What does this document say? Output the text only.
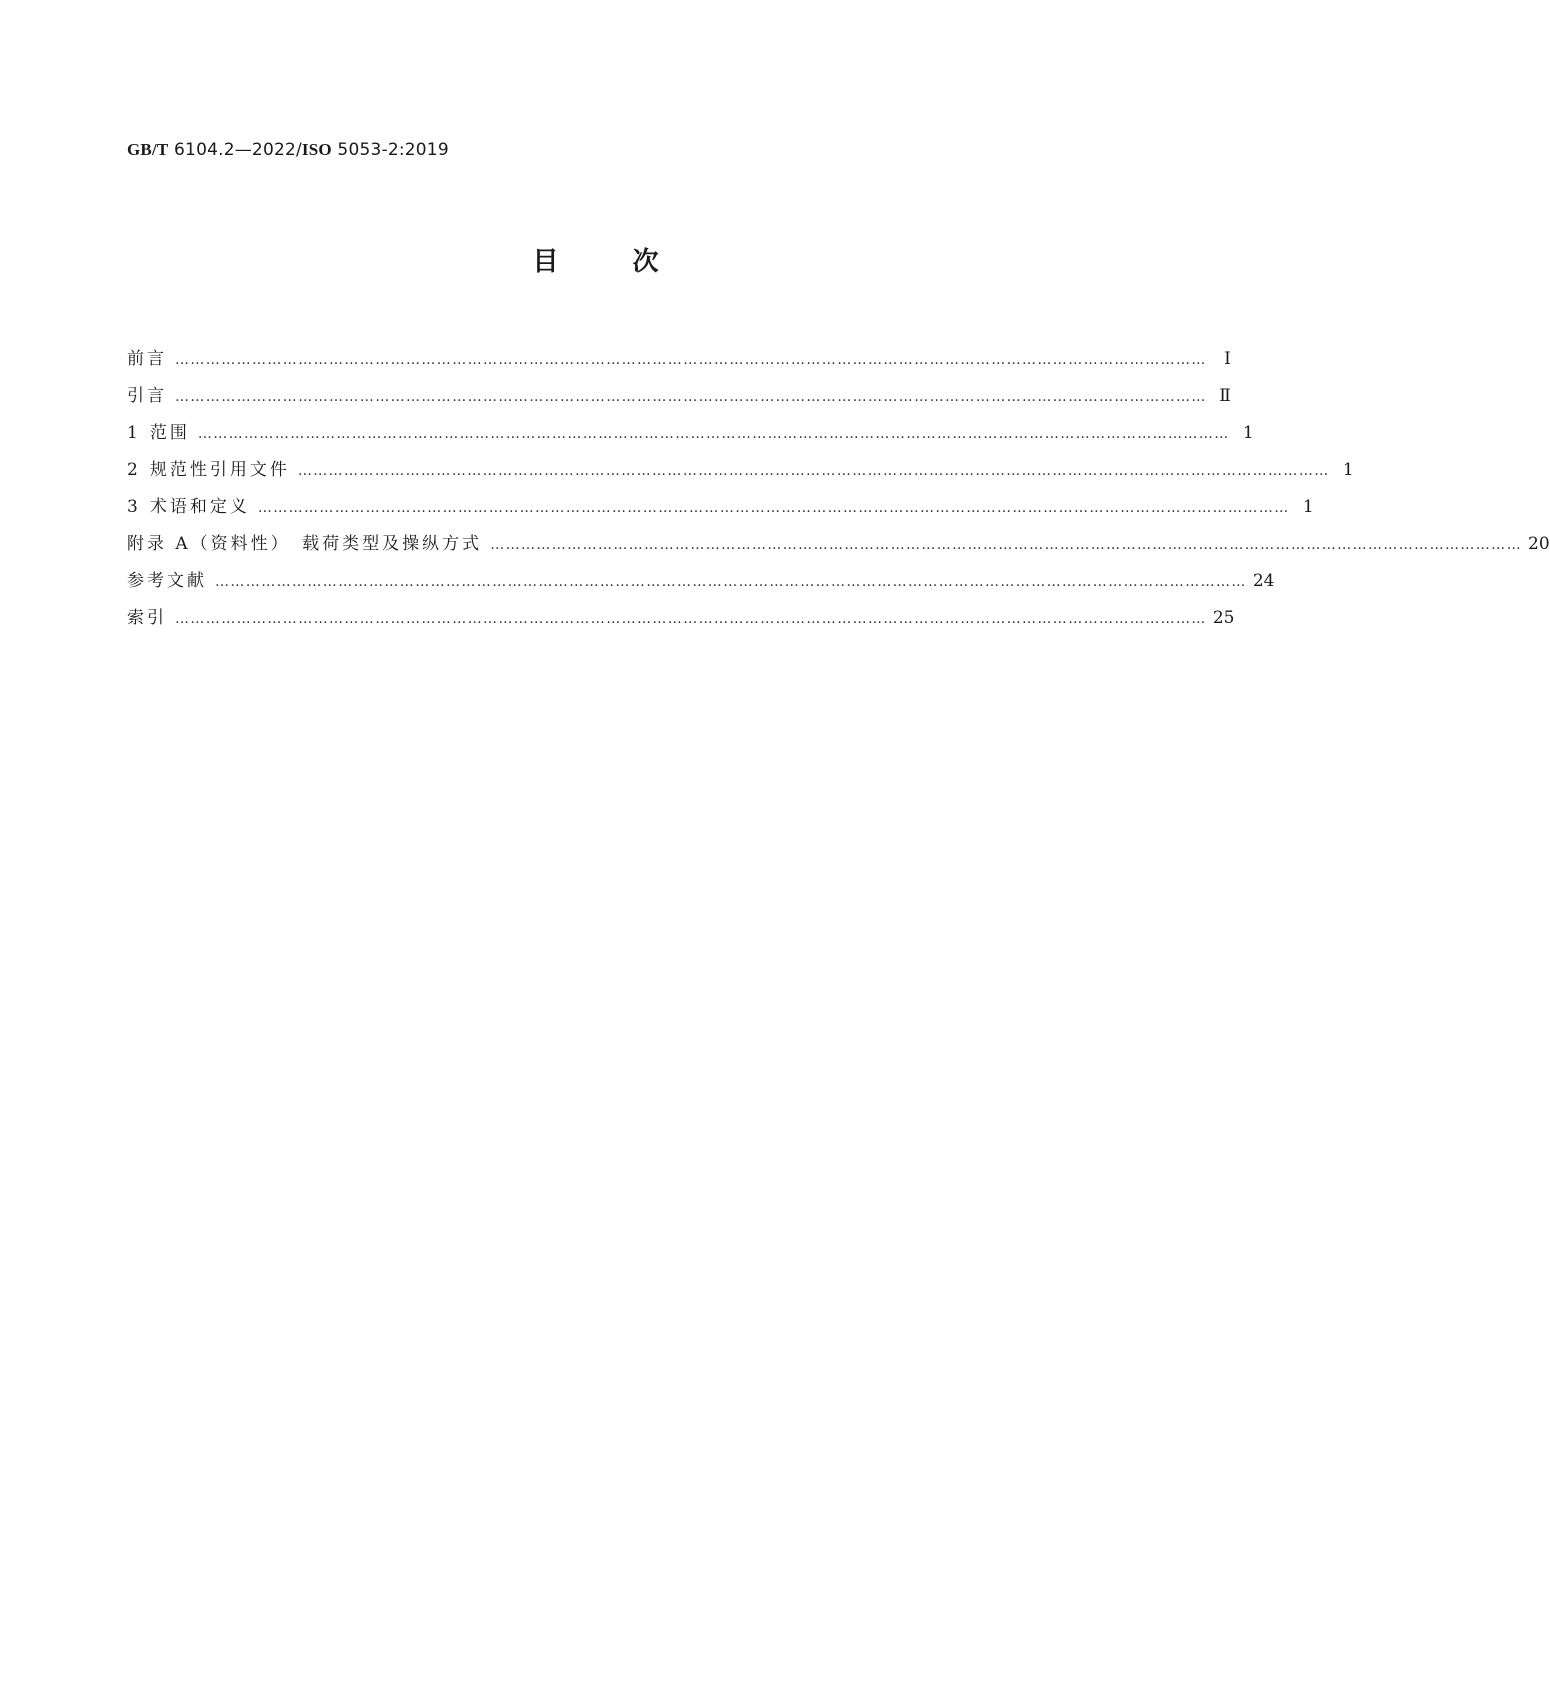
GB/T 6104.2—2022/ISO 5053-2:2019
目	次
前言 …………………………………………………………………………………………………………………………………………………………………………………	Ⅰ
引言 ………………………………………………………………………………………………………………………………………………………………………………… Ⅱ
1 范围 ………………………………………………………………………………………………………………………………………………………………………………… 1
2 规范性引用文件 ………………………………………………………………………………………………………………………………………………………………………………… 1
3 术语和定义 ………………………………………………………………………………………………………………………………………………………………………………… 1
附录 A（资料性）　载荷类型及操纵方式 ………………………………………………………………………………………………………………………………………………………………………………… 20
参考文献 ………………………………………………………………………………………………………………………………………………………………………………… 24
索引 ………………………………………………………………………………………………………………………………………………………………………………… 25
